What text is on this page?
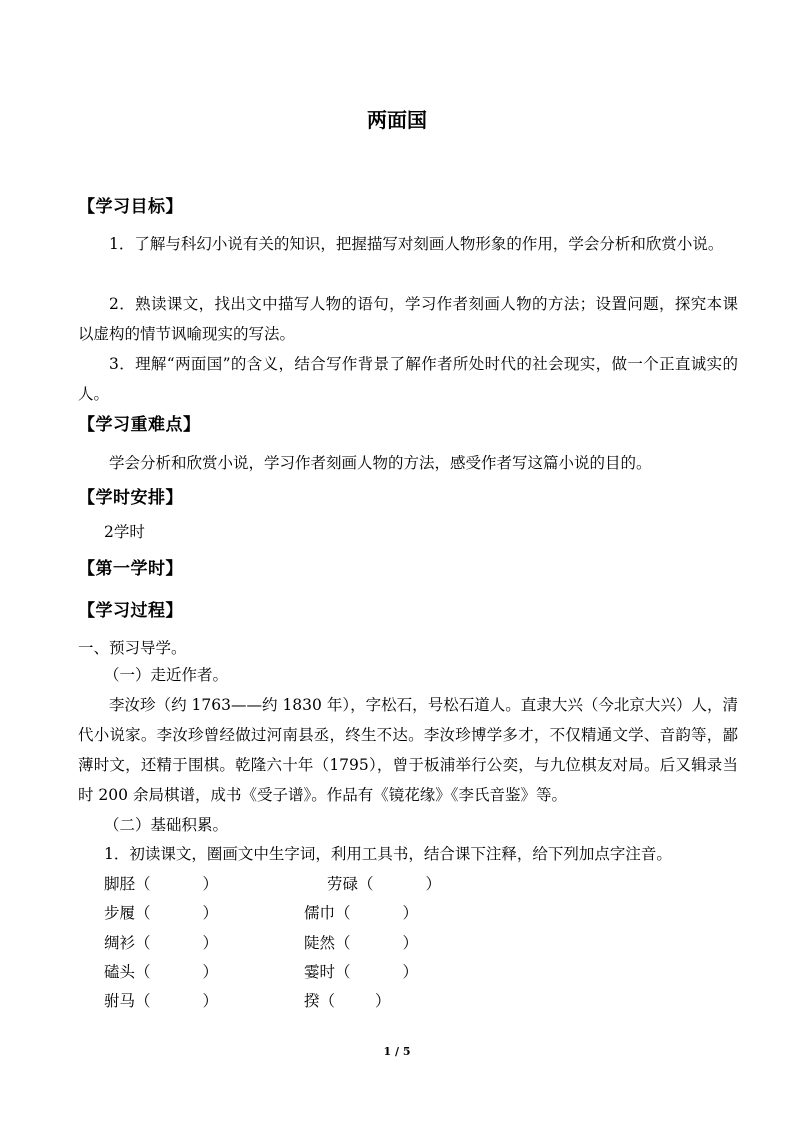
两面国
【学习目标】
1．了解与科幻小说有关的知识，把握描写对刻画人物形象的作用，学会分析和欣赏小说。
2．熟读课文，找出文中描写人物的语句，学习作者刻画人物的方法；设置问题，探究本课以虚构的情节讽喻现实的写法。
3．理解“两面国”的含义，结合写作背景了解作者所处时代的社会现实，做一个正直诚实的人。
【学习重难点】
学会分析和欣赏小说，学习作者刻画人物的方法，感受作者写这篇小说的目的。
【学时安排】
2学时
【第一学时】
【学习过程】
一、预习导学。
（一）走近作者。
李汝珍（约 1763——约 1830 年），字松石，号松石道人。直隶大兴（今北京大兴）人，清代小说家。李汝珍曾经做过河南县丞，终生不达。李汝珍博学多才，不仅精通文学、音韵等，鄙薄时文，还精于围棋。乾隆六十年（1795），曾于板浦举行公奕，与九位棋友对局。后又辑录当时 200 余局棋谱，成书《受子谱》。作品有《镜花缘》《李氏音鉴》等。
（二）基础积累。
1．初读课文，圈画文中生字词，利用工具书，结合课下注释，给下列加点字注音。
脚胫（	）	劳碌（	）
步履（	）	儒巾（	）
绸衫（	）	陡然（	）
磕头（	）	霎时（	）
驸马（	）	揆（	）
1 / 5
